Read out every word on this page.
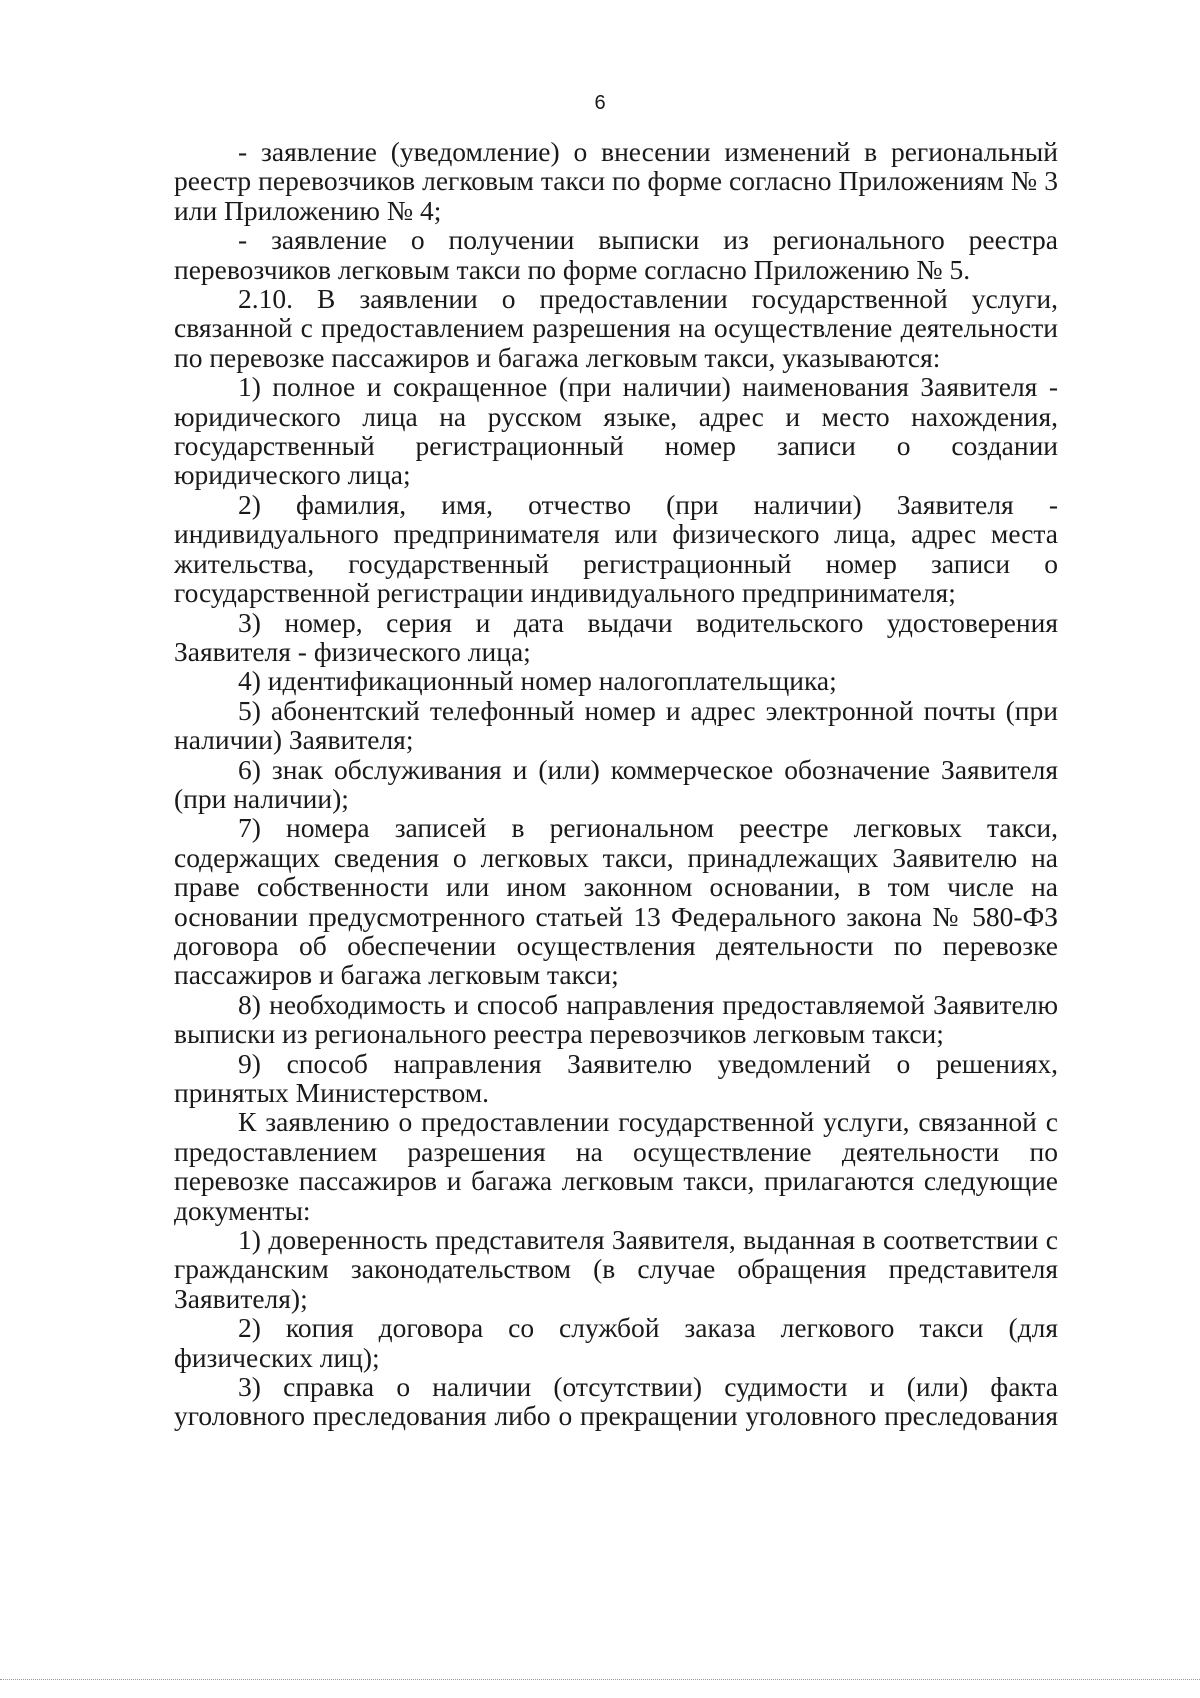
6

- заявление (уведомление) о внесении изменений в региональный реестр перевозчиков легковым такси по форме согласно Приложениям № 3 или Приложению № 4;

- заявление о получении выписки из регионального реестра перевозчиков легковым такси по форме согласно Приложению № 5.

2.10. В заявлении о предоставлении государственной услуги, связанной с предоставлением разрешения на осуществление деятельности по перевозке пассажиров и багажа легковым такси, указываются:

1) полное и сокращенное (при наличии) наименования Заявителя - юридического лица на русском языке, адрес и место нахождения, государственный регистрационный номер записи о создании юридического лица;

2) фамилия, имя, отчество (при наличии) Заявителя - индивидуального предпринимателя или физического лица, адрес места жительства, государственный регистрационный номер записи о государственной регистрации индивидуального предпринимателя;

3) номер, серия и дата выдачи водительского удостоверения Заявителя - физического лица;

4) идентификационный номер налогоплательщика;

5) абонентский телефонный номер и адрес электронной почты (при наличии) Заявителя;

6) знак обслуживания и (или) коммерческое обозначение Заявителя (при наличии);

7) номера записей в региональном реестре легковых такси, содержащих сведения о легковых такси, принадлежащих Заявителю на праве собственности или ином законном основании, в том числе на основании предусмотренного статьей 13 Федерального закона № 580-ФЗ договора об обеспечении осуществления деятельности по перевозке пассажиров и багажа легковым такси;

8) необходимость и способ направления предоставляемой Заявителю выписки из регионального реестра перевозчиков легковым такси;

9) способ направления Заявителю уведомлений о решениях, принятых Министерством.

К заявлению о предоставлении государственной услуги, связанной с предоставлением разрешения на осуществление деятельности по перевозке пассажиров и багажа легковым такси, прилагаются следующие документы:

1) доверенность представителя Заявителя, выданная в соответствии с гражданским законодательством (в случае обращения представителя Заявителя);

2) копия договора со службой заказа легкового такси (для физических лиц);

3) справка о наличии (отсутствии) судимости и (или) факта уголовного преследования либо о прекращении уголовного преследования
